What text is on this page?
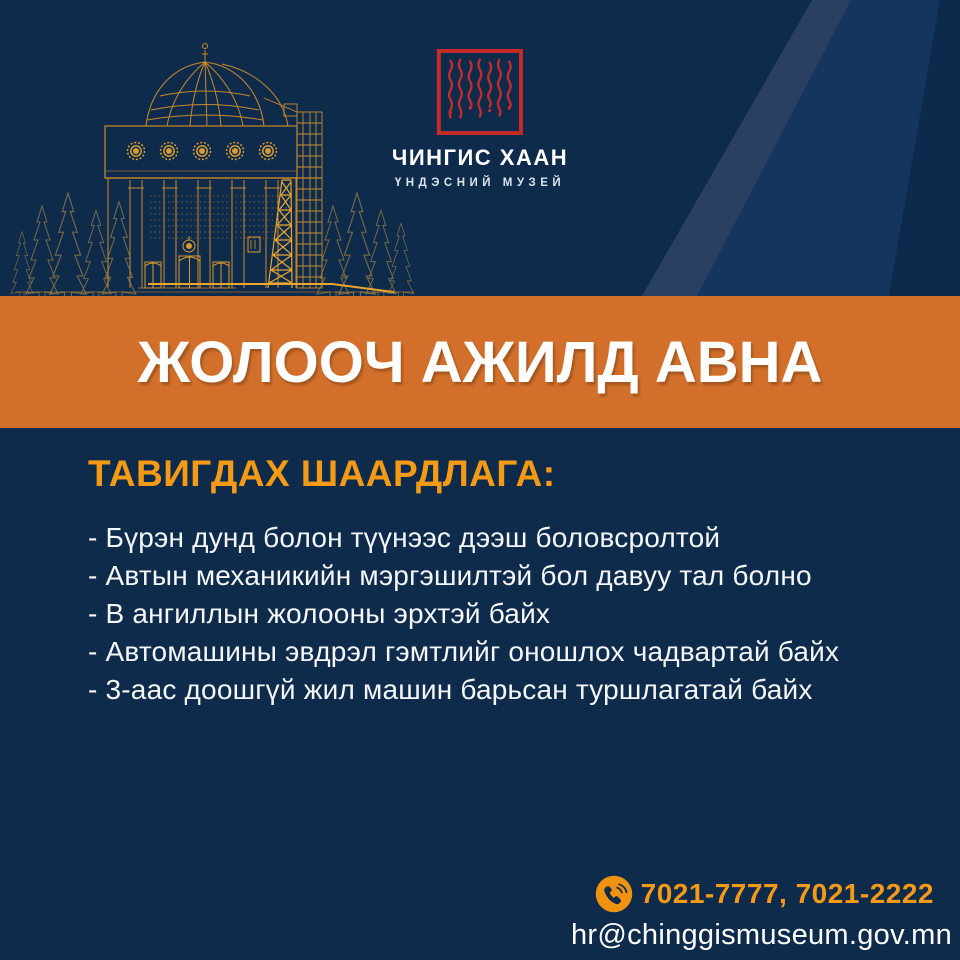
ЧИНГИС ХААН
ҮНДЭСНИЙ МУЗЕЙ
ЖОЛООЧ АЖИЛД АВНА
ТАВИГДАХ ШААРДЛАГА:
- Бүрэн дунд болон түүнээс дээш боловсролтой
- Автын механикийн мэргэшилтэй бол давуу тал болно
- В ангиллын жолооны эрхтэй байх
- Автомашины эвдрэл гэмтлийг оношлох чадвартай байх
- 3-аас доошгүй жил машин барьсан туршлагатай байх
7021-7777, 7021-2222
hr@chinggismuseum.gov.mn
